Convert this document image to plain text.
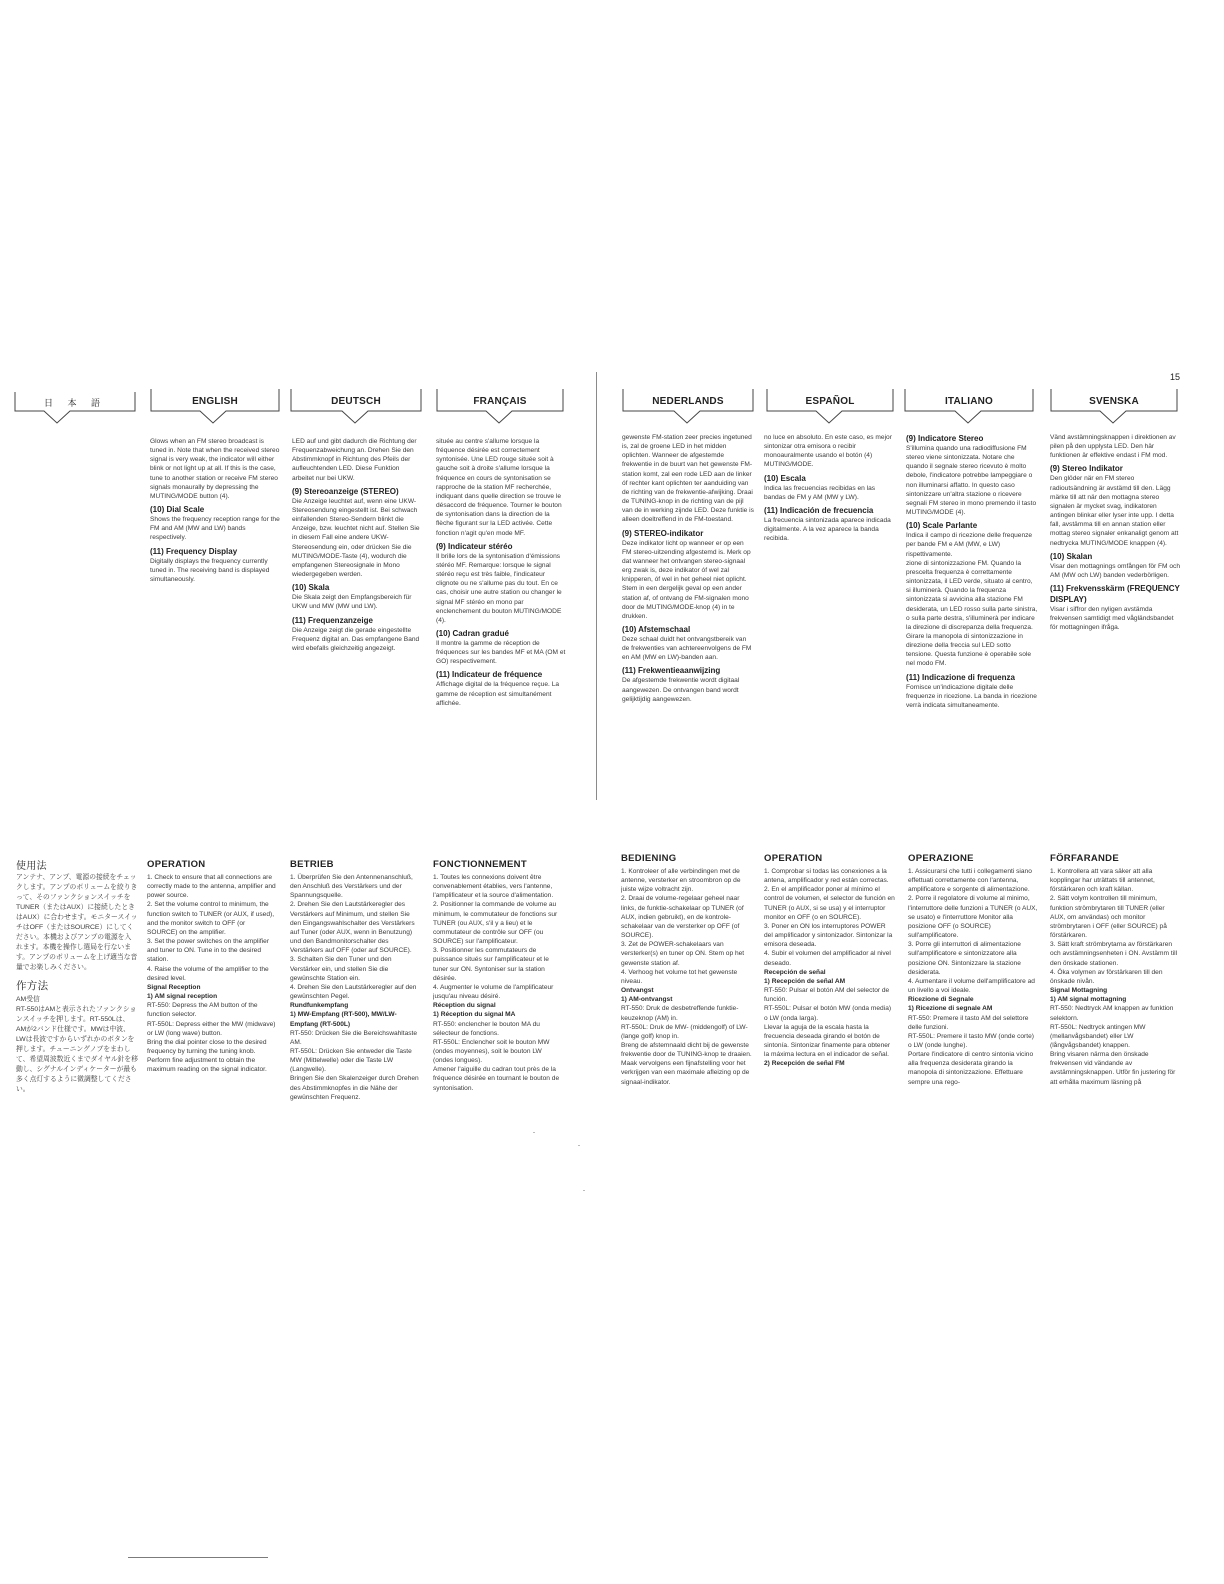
15
日 本 語	ENGLISH	DEUTSCH	FRANÇAIS	NEDERLANDS	ESPAÑOL	ITALIANO	SVENSKA

Glows when an FM stereo broadcast is tuned in. Note that when the received stereo signal is very weak, the indicator will either blink or not light up at all. If this is the case, tune to another station or receive FM stereo signals monaurally by depressing the MUTING/MODE button (4).

(10) Dial Scale

Shows the frequency reception range for the FM and AM (MW and LW) bands respectively.

(11) Frequency Display

Digitally displays the frequency currently tuned in. The receiving band is displayed simultaneously.

LED auf und gibt dadurch die Richtung der Frequenzabweichung an. Drehen Sie den Abstimmknopf in Richtung des Pfeils der aufleuchtenden LED. Diese Funktion arbeitet nur bei UKW.

(9) Stereoanzeige (STEREO)

Die Anzeige leuchtet auf, wenn eine UKW-Stereosendung eingestellt ist. Bei schwach einfallenden Stereo-Sendern blinkt die Anzeige, bzw. leuchtet nicht auf. Stellen Sie in diesem Fall eine andere UKW-Stereosendung ein, oder drücken Sie die MUTING/MODE-Taste (4), wodurch die empfangenen Stereosignale in Mono wiedergegeben werden.

(10) Skala

Die Skala zeigt den Empfangsbereich für UKW und MW (MW und LW).

(11) Frequenzanzeige

Die Anzeige zeigt die gerade eingestellte Frequenz digital an. Das empfangene Band wird ebefalls gleichzeitig angezeigt.

située au centre s'allume lorsque la fréquence désirée est correctement syntonisée. Une LED rouge située soit à gauche soit à droite s'allume lorsque la fréquence en cours de syntonisation se rapproche de la station MF recherchée, indiquant dans quelle direction se trouve le désaccord de fréquence. Tourner le bouton de syntonisation dans la direction de la flèche figurant sur la LED activée. Cette fonction n'agit qu'en mode MF.

(9) Indicateur stéréo

Il brille lors de la syntonisation d'émissions stéréo MF. Remarque: lorsque le signal stéréo reçu est très faible, l'indicateur clignote ou ne s'allume pas du tout. En ce cas, choisir une autre station ou changer le signal MF stéréo en mono par enclenchement du bouton MUTING/MODE (4).

(10) Cadran gradué

Il montre la gamme de réception de fréquences sur les bandes MF et MA (OM et GO) respectivement.

(11) Indicateur de fréquence

Affichage digital de la fréquence reçue. La gamme de réception est simultanément affichée.

gewenste FM-station zeer precies ingetuned is, zal de groene LED in het midden oplichten. Wanneer de afgestemde frekwentie in de buurt van het gewenste FM-station komt, zal een rode LED aan de linker óf rechter kant oplichten ter aanduiding van de richting van de frekwentie-afwijking. Draai de TUNING-knop in de richting van de pijl van de in werking zijnde LED. Deze funktie is alleen doeltreffend in de FM-toestand.

(9) STEREO-indikator

Deze indikator licht op wanneer er op een FM stereo-uitzending afgestemd is. Merk op dat wanneer het ontvangen stereo-signaal erg zwak is, deze indikator óf wel zal knipperen, óf wel in het geheel niet oplicht. Stem in een dergelijk geval op een ander station af, of ontvang de FM-signalen mono door de MUTING/MODE-knop (4) in te drukken.

(10) Afstemschaal

Deze schaal duidt het ontvangstbereik van de frekwenties van achtereenvolgens de FM en AM (MW en LW)-banden aan.

(11) Frekwentieaanwijzing

De afgestemde frekwentie wordt digitaal aangewezen. De ontvangen band wordt gelijktijdig aangewezen.

no luce en absoluto. En este caso, es mejor sintonizar otra emisora o recibir monoauralmente usando el botón (4) MUTING/MODE.

(10) Escala

Indica las frecuencias recibidas en las bandas de FM y AM (MW y LW).

(11) Indicación de frecuencia

La frecuencia sintonizada aparece indicada digitalmente. A la vez aparece la banda recibida.

(9) Indicatore Stereo

S'illumina quando una radiodiffusione FM stereo viene sintonizzata. Notare che quando il segnale stereo ricevuto è molto debole, l'indicatore potrebbe lampeggiare o non illuminarsi affatto. In questo caso sintonizzare un'altra stazione o ricevere segnali FM stereo in mono premendo il tasto MUTING/MODE (4).

(10) Scale Parlante

Indica il campo di ricezione delle frequenze per bande FM e AM (MW, e LW) rispettivamente.

zione di sintonizzazione FM. Quando la prescelta frequenza è correttamente sintonizzata, il LED verde, situato al centro, si illuminerà. Quando la frequenza sintonizzata si avvicina alla stazione FM desiderata, un LED rosso sulla parte sinistra, o sulla parte destra, s'illuminerà per indicare la direzione di discrepanza della frequenza. Girare la manopola di sintonizzazione in direzione della freccia sul LED sotto tensione. Questa funzione è operabile sole nel modo FM.

(11) Indicazione di frequenza

Fornisce un'indicazione digitale delle frequenze in ricezione. La banda in ricezione verrà indicata simultaneamente.

Vänd avstämningsknappen i direktionen av pilen på den upplysta LED. Den här funktionen är effektive endast i FM mod.

(9) Stereo Indikator

Den glöder när en FM stereo radioutsändning är avstämd till den. Lägg märke till att när den mottagna stereo signalen är mycket svag, indikatoren antingen blinkar eller lyser inte upp. I detta fall, avstämma till en annan station eller mottag stereo signaler enkanaligt genom att nedtrycka MUTING/MODE knappen (4).

(10) Skalan

Visar den mottagnings omfången för FM och AM (MW och LW) banden vederbörligen.

(11) Frekvensskärm (FREQUENCY DISPLAY)

Visar i siffror den nyligen avstämda frekvensen samtidigt med vågländsbandet för mottagningen ifråga.

使用法	OPERATION	BETRIEB	FONCTIONNEMENT
BEDIENING	OPERATION	OPERAZIONE	FÖRFARANDE

アンテナ、アンプ、電源の接続をチェックします。アンプのボリュームを絞りきって、そのファンクションスイッチをTUNER（またはAUX）に接続したときはAUX）に合わせます。モニタースイッチはOFF（またはSOURCE）にしてください。本機およびアンプの電源を入れます。本機を操作し選局を行ないます。アンプのボリュームを上げ適当な音量でお楽しみください。

作方法

AM受信

RT-550はAMと表示されたファンクションスイッチを押します。RT-550Lは、AMが2バンド仕様です。MWは中波、LWは長波ですからいずれかのボタンを押します。チューニングノブをまわして、希望周波数近くまでダイヤル針を移動し、シグナルインディケーターが最も多く点灯するように微調整してください。

1. Check to ensure that all connections are correctly made to the antenna, amplifier and power source.

2. Set the volume control to minimum, the function switch to TUNER (or AUX, if used), and the monitor switch to OFF (or SOURCE) on the amplifier.

3. Set the power switches on the amplifier and tuner to ON. Tune in to the desired station.

4. Raise the volume of the amplifier to the desired level.

Signal Reception

1) AM signal reception

RT-550: Depress the AM button of the function selector.

RT-550L: Depress either the MW (midwave) or LW (long wave) button.

Bring the dial pointer close to the desired frequency by turning the tuning knob. Perform fine adjustment to obtain the maximum reading on the signal indicator.

1. Überprüfen Sie den Antennenanschluß, den Anschluß des Verstärkers und der Spannungsquelle.

2. Drehen Sie den Lautstärkeregler des Verstärkers auf Minimum, und stellen Sie den Eingangswahlschalter des Verstärkers auf Tuner (oder AUX, wenn in Benutzung) und den Bandmonitorschalter des Verstärkers auf OFF (oder auf SOURCE).

3. Schalten Sie den Tuner und den Verstärker ein, und stellen Sie die gewünschte Station ein.

4. Drehen Sie den Lautstärkeregler auf den gewünschten Pegel.

Rundfunkempfang

1) MW-Empfang (RT-500), MW/LW-Empfang (RT-500L)

RT-550: Drücken Sie die Bereichswahltaste AM.

RT-550L: Drücken Sie entweder die Taste MW (Mittelwelle) oder die Taste LW (Langwelle).

Bringen Sie den Skalenzeiger durch Drehen des Abstimmknopfes in die Nähe der gewünschten Frequenz.

1. Toutes les connexions doivent être convenablement établies, vers l'antenne, l'amplificateur et la source d'alimentation.

2. Positionner la commande de volume au minimum, le commutateur de fonctions sur TUNER (ou AUX, s'il y a lieu) et le commutateur de contrôle sur OFF (ou SOURCE) sur l'amplificateur.

3. Positionner les commutateurs de puissance situés sur l'amplificateur et le tuner sur ON. Syntoniser sur la station désirée.

4. Augmenter le volume de l'amplificateur jusqu'au niveau désiré.

Réception du signal

1) Réception du signal MA

RT-550: enclencher le bouton MA du sélecteur de fonctions.

RT-550L: Enclencher soit le bouton MW (ondes moyennes), soit le bouton LW (ondes longues).

Amener l'aiguille du cadran tout près de la fréquence désirée en tournant le bouton de syntonisation.

1. Kontroleer of alle verbindingen met de antenne, versterker en stroombron op de juiste wijze voltracht zijn.

2. Draai de volume-regelaar geheel naar links, de funktie-schakelaar op TUNER (of AUX, indien gebruikt), en de kontrole-schakelaar van de versterker op OFF (of SOURCE).

3. Zet de POWER-schakelaars van versterker(s) en tuner op ON. Stem op het gewenste station af.

4. Verhoog het volume tot het gewenste niveau.

Ontvangst

1) AM-ontvangst

RT-550: Druk de desbetreffende funktie-keuzeknop (AM) in.

RT-550L: Druk de MW- (middengolf) of LW- (lange golf) knop in.

Breng de afstemnaald dicht bij de gewenste frekwentie door de TUNING-knop te draaien. Maak vervolgens een fijnafstelling voor het verkrijgen van een maximale afleizing op de signaal-indikator.

1. Comprobar si todas las conexiones a la antena, amplificador y red están correctas.

2. En el amplificador poner al mínimo el control de volumen, el selector de función en TUNER (o AUX, si se usa) y el interruptor monitor en OFF (o en SOURCE).

3. Poner en ON los interruptores POWER del amplificador y sintonizador. Sintonizar la emisora deseada.

4. Subir el volumen del amplificador al nivel deseado.

Recepción de señal

1) Recepción de señal AM

RT-550: Pulsar el botón AM del selector de función.

RT-550L: Pulsar el botón MW (onda media) o LW (onda larga).

Llevar la aguja de la escala hasta la frecuencia deseada girando el botón de sintonía. Sintonizar finamente para obtener la máxima lectura en el indicador de señal.

2) Recepción de señal FM

1. Assicurarsi che tutti i collegamenti siano effettuati correttamente con l'antenna, amplificatore e sorgente di alimentazione.

2. Porre il regolatore di volume al minimo, l'interruttore delle funzioni a TUNER (o AUX, se usato) e l'interruttore Monitor alla posizione OFF (o SOURCE) sull'amplificatore.

3. Porre gli interruttori di alimentazione sull'amplificatore e sintonizzatore alla posizione ON. Sintonizzare la stazione desiderata.

4. Aumentare il volume dell'amplificatore ad un livello a voi ideale.

Ricezione di Segnale

1) Ricezione di segnale AM

RT-550: Premere il tasto AM del selettore delle funzioni.

RT-550L: Premere il tasto MW (onde corte) o LW (onde lunghe).

Portare l'indicatore di centro sintonia vicino alla frequenza desiderata girando la manopola di sintonizzazione. Effettuare sempre una rego-

1. Kontrollera att vara säker att alla kopplingar har uträttats till antennet, förstärkaren och kraft källan.

2. Sätt volym kontrollen till minimum, funktion strömbrytaren till TUNER (eller AUX, om användas) och monitor strömbrytaren i OFF (eller SOURCE) på förstärkaren.

3. Sätt kraft strömbrytarna av förstärkaren och avstämningsenheten i ON. Avstämm till den önskade stationen.

4. Öka volymen av förstärkaren till den önskade nivån.

Signal Mottagning

1) AM signal mottagning

RT-550: Nedtryck AM knappen av funktion selektorn.

RT-550L: Nedtryck antingen MW (mellanvågsbandet) eller LW (långvågsbandet) knappen.

Bring visaren närma den önskade frekvensen vid vändande av avstämningsknappen. Utför fin justering för att erhålla maximum läsning på
